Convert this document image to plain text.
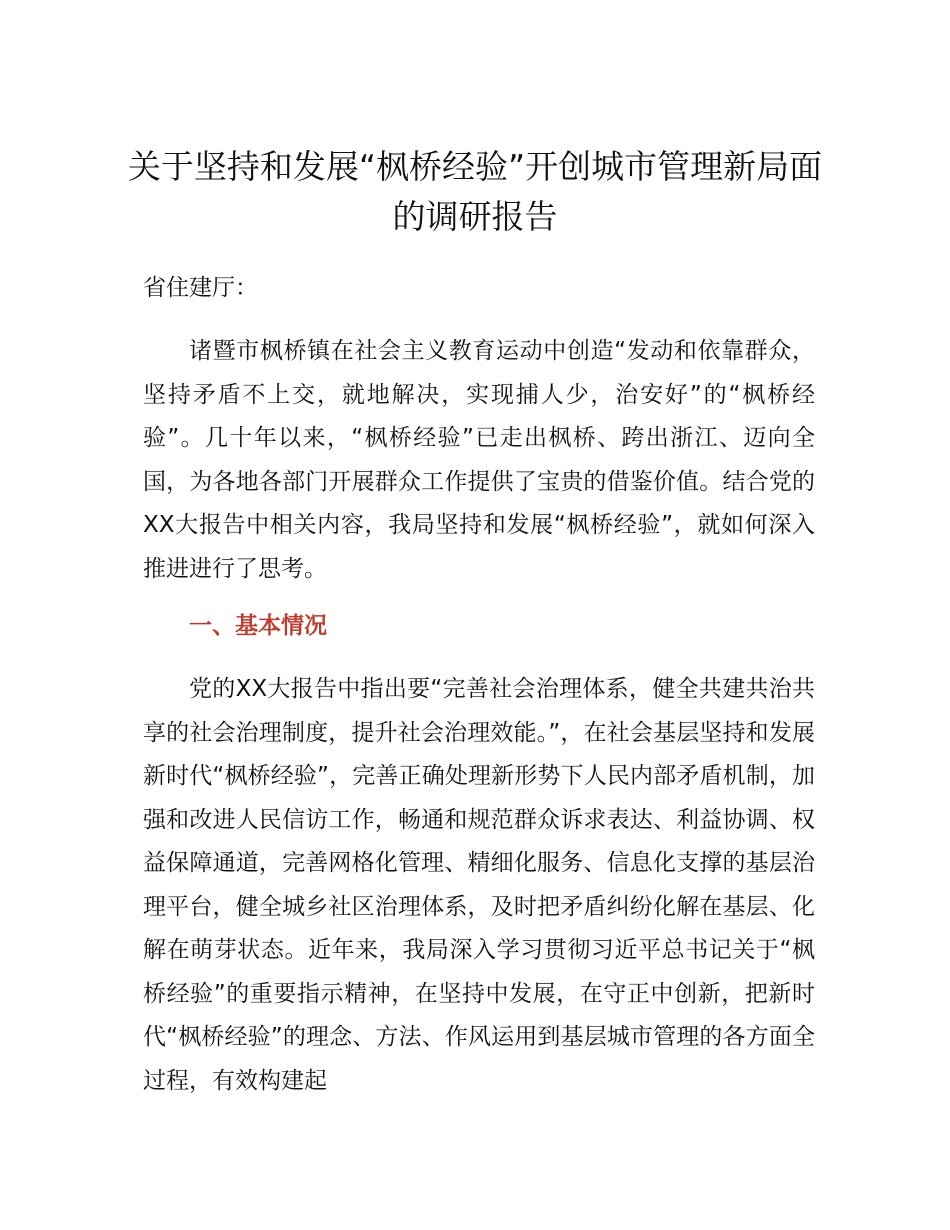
关于坚持和发展“枫桥经验”开创城市管理新局面的调研报告

省住建厅：

诸暨市枫桥镇在社会主义教育运动中创造“发动和依靠群众，坚持矛盾不上交，就地解决，实现捕人少，治安好”的“枫桥经验”。几十年以来，“枫桥经验”已走出枫桥、跨出浙江、迈向全国，为各地各部门开展群众工作提供了宝贵的借鉴价值。结合党的XX大报告中相关内容，我局坚持和发展“枫桥经验”，就如何深入推进进行了思考。

一、基本情况

党的XX大报告中指出要“完善社会治理体系，健全共建共治共享的社会治理制度，提升社会治理效能。”，在社会基层坚持和发展新时代“枫桥经验”，完善正确处理新形势下人民内部矛盾机制，加强和改进人民信访工作，畅通和规范群众诉求表达、利益协调、权益保障通道，完善网格化管理、精细化服务、信息化支撑的基层治理平台，健全城乡社区治理体系，及时把矛盾纠纷化解在基层、化解在萌芽状态。近年来，我局深入学习贯彻习近平总书记关于“枫桥经验”的重要指示精神，在坚持中发展，在守正中创新，把新时代“枫桥经验”的理念、方法、作风运用到基层城市管理的各方面全过程，有效构建起
